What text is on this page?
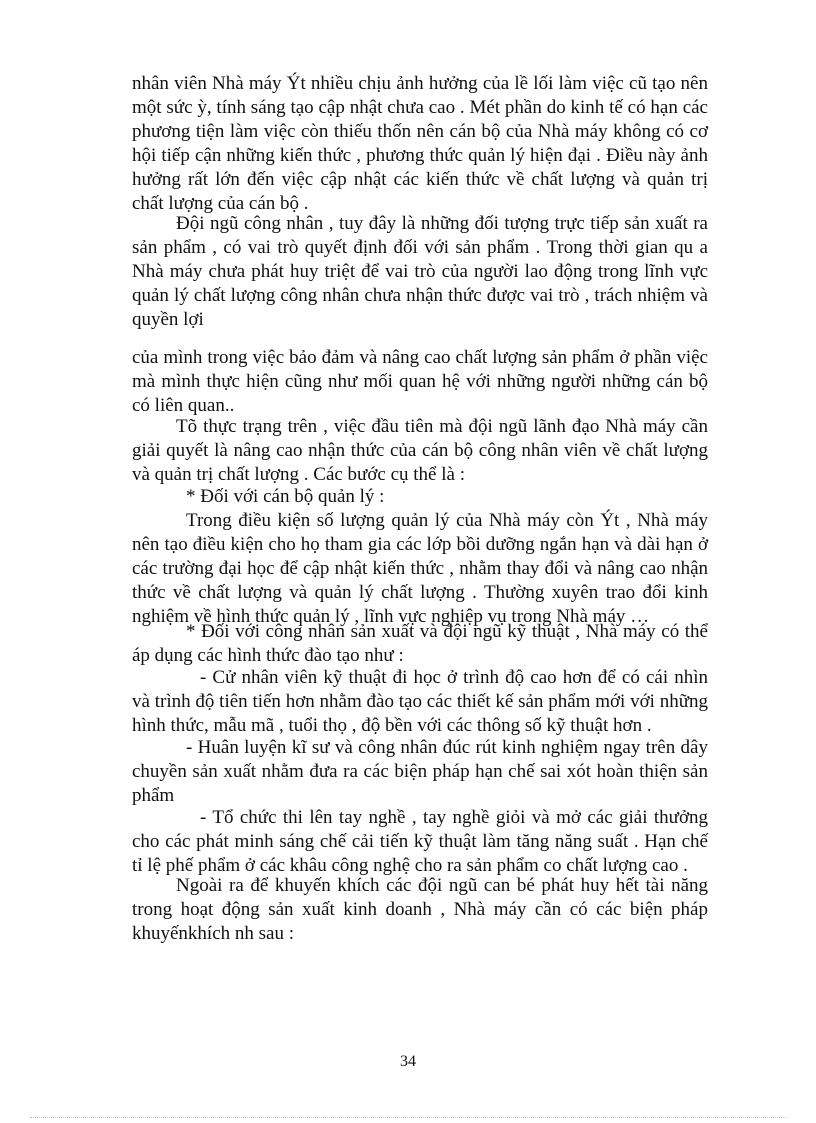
nhân viên Nhà máy Ýt nhiều chịu ảnh hưởng của lề lối làm việc cũ tạo nên một sức ỳ, tính sáng tạo cập nhật chưa cao . Mét phần do kinh tế có hạn các phương tiện làm việc còn thiếu thốn nên cán bộ của Nhà máy không có cơ hội tiếp cận những kiến thức , phương thức quản lý hiện đại . Điều này ảnh hưởng rất lớn đến việc cập nhật các kiến thức về chất lượng và quản trị chất lượng của cán bộ .

Đội ngũ công nhân , tuy đây là những đối tượng trực tiếp sản xuất ra sản phẩm , có vai trò quyết định đối với sản phẩm . Trong thời gian qu a Nhà máy chưa phát huy triệt để vai trò của người lao động trong lĩnh vực quản lý chất lượng công nhân chưa nhận thức được vai trò , trách nhiệm và quyền lợi

của mình trong việc bảo đảm và nâng cao chất lượng sản phẩm ở phần việc mà mình thực hiện cũng như mối quan hệ với những người những cán bộ có liên quan..

Tõ thực trạng trên , việc đầu tiên mà đội ngũ lãnh đạo Nhà máy cần giải quyết là nâng cao nhận thức của cán bộ công nhân viên về chất lượng và quản trị chất lượng . Các bước cụ thể là :

* Đối với cán bộ quản lý :

Trong điều kiện số lượng quản lý của Nhà máy còn Ýt , Nhà máy nên tạo điều kiện cho họ tham gia các lớp bồi dưỡng ngắn hạn và dài hạn ở các trường đại học để cập nhật kiến thức , nhằm thay đổi và nâng cao nhận thức về chất lượng và quản lý chất lượng . Thường xuyên trao đổi kinh nghiệm về hình thức quản lý , lĩnh vực nghiệp vụ trong Nhà máy …

* Đối với công nhân sản xuất và đội ngũ kỹ thuật , Nhà máy có thể áp dụng các hình thức đào tạo như :

- Cử nhân viên kỹ thuật đi học ở trình độ cao hơn để có cái nhìn và trình độ tiên tiến hơn nhằm đào tạo các thiết kế sản phẩm mới với những hình thức, mẫu mã , tuổi thọ , độ bền với các thông số kỹ thuật hơn .

- Huân luyện kĩ sư và công nhân đúc rút kinh nghiệm ngay trên dây chuyền sản xuất nhằm đưa ra các biện pháp hạn chế sai xót hoàn thiện sản phẩm

- Tổ chức thi lên tay nghề , tay nghề giỏi và mở các giải thưởng cho các phát minh sáng chế cải tiến kỹ thuật làm tăng năng suất . Hạn chế tỉ lệ phế phẩm ở các khâu công nghệ cho ra sản phẩm co chất lượng cao .

Ngoài ra để khuyến khích các đội ngũ can bé phát huy hết tài năng trong hoạt động sản xuất kinh doanh , Nhà máy cần có các biện pháp khuyếnkhích nh sau :

34
